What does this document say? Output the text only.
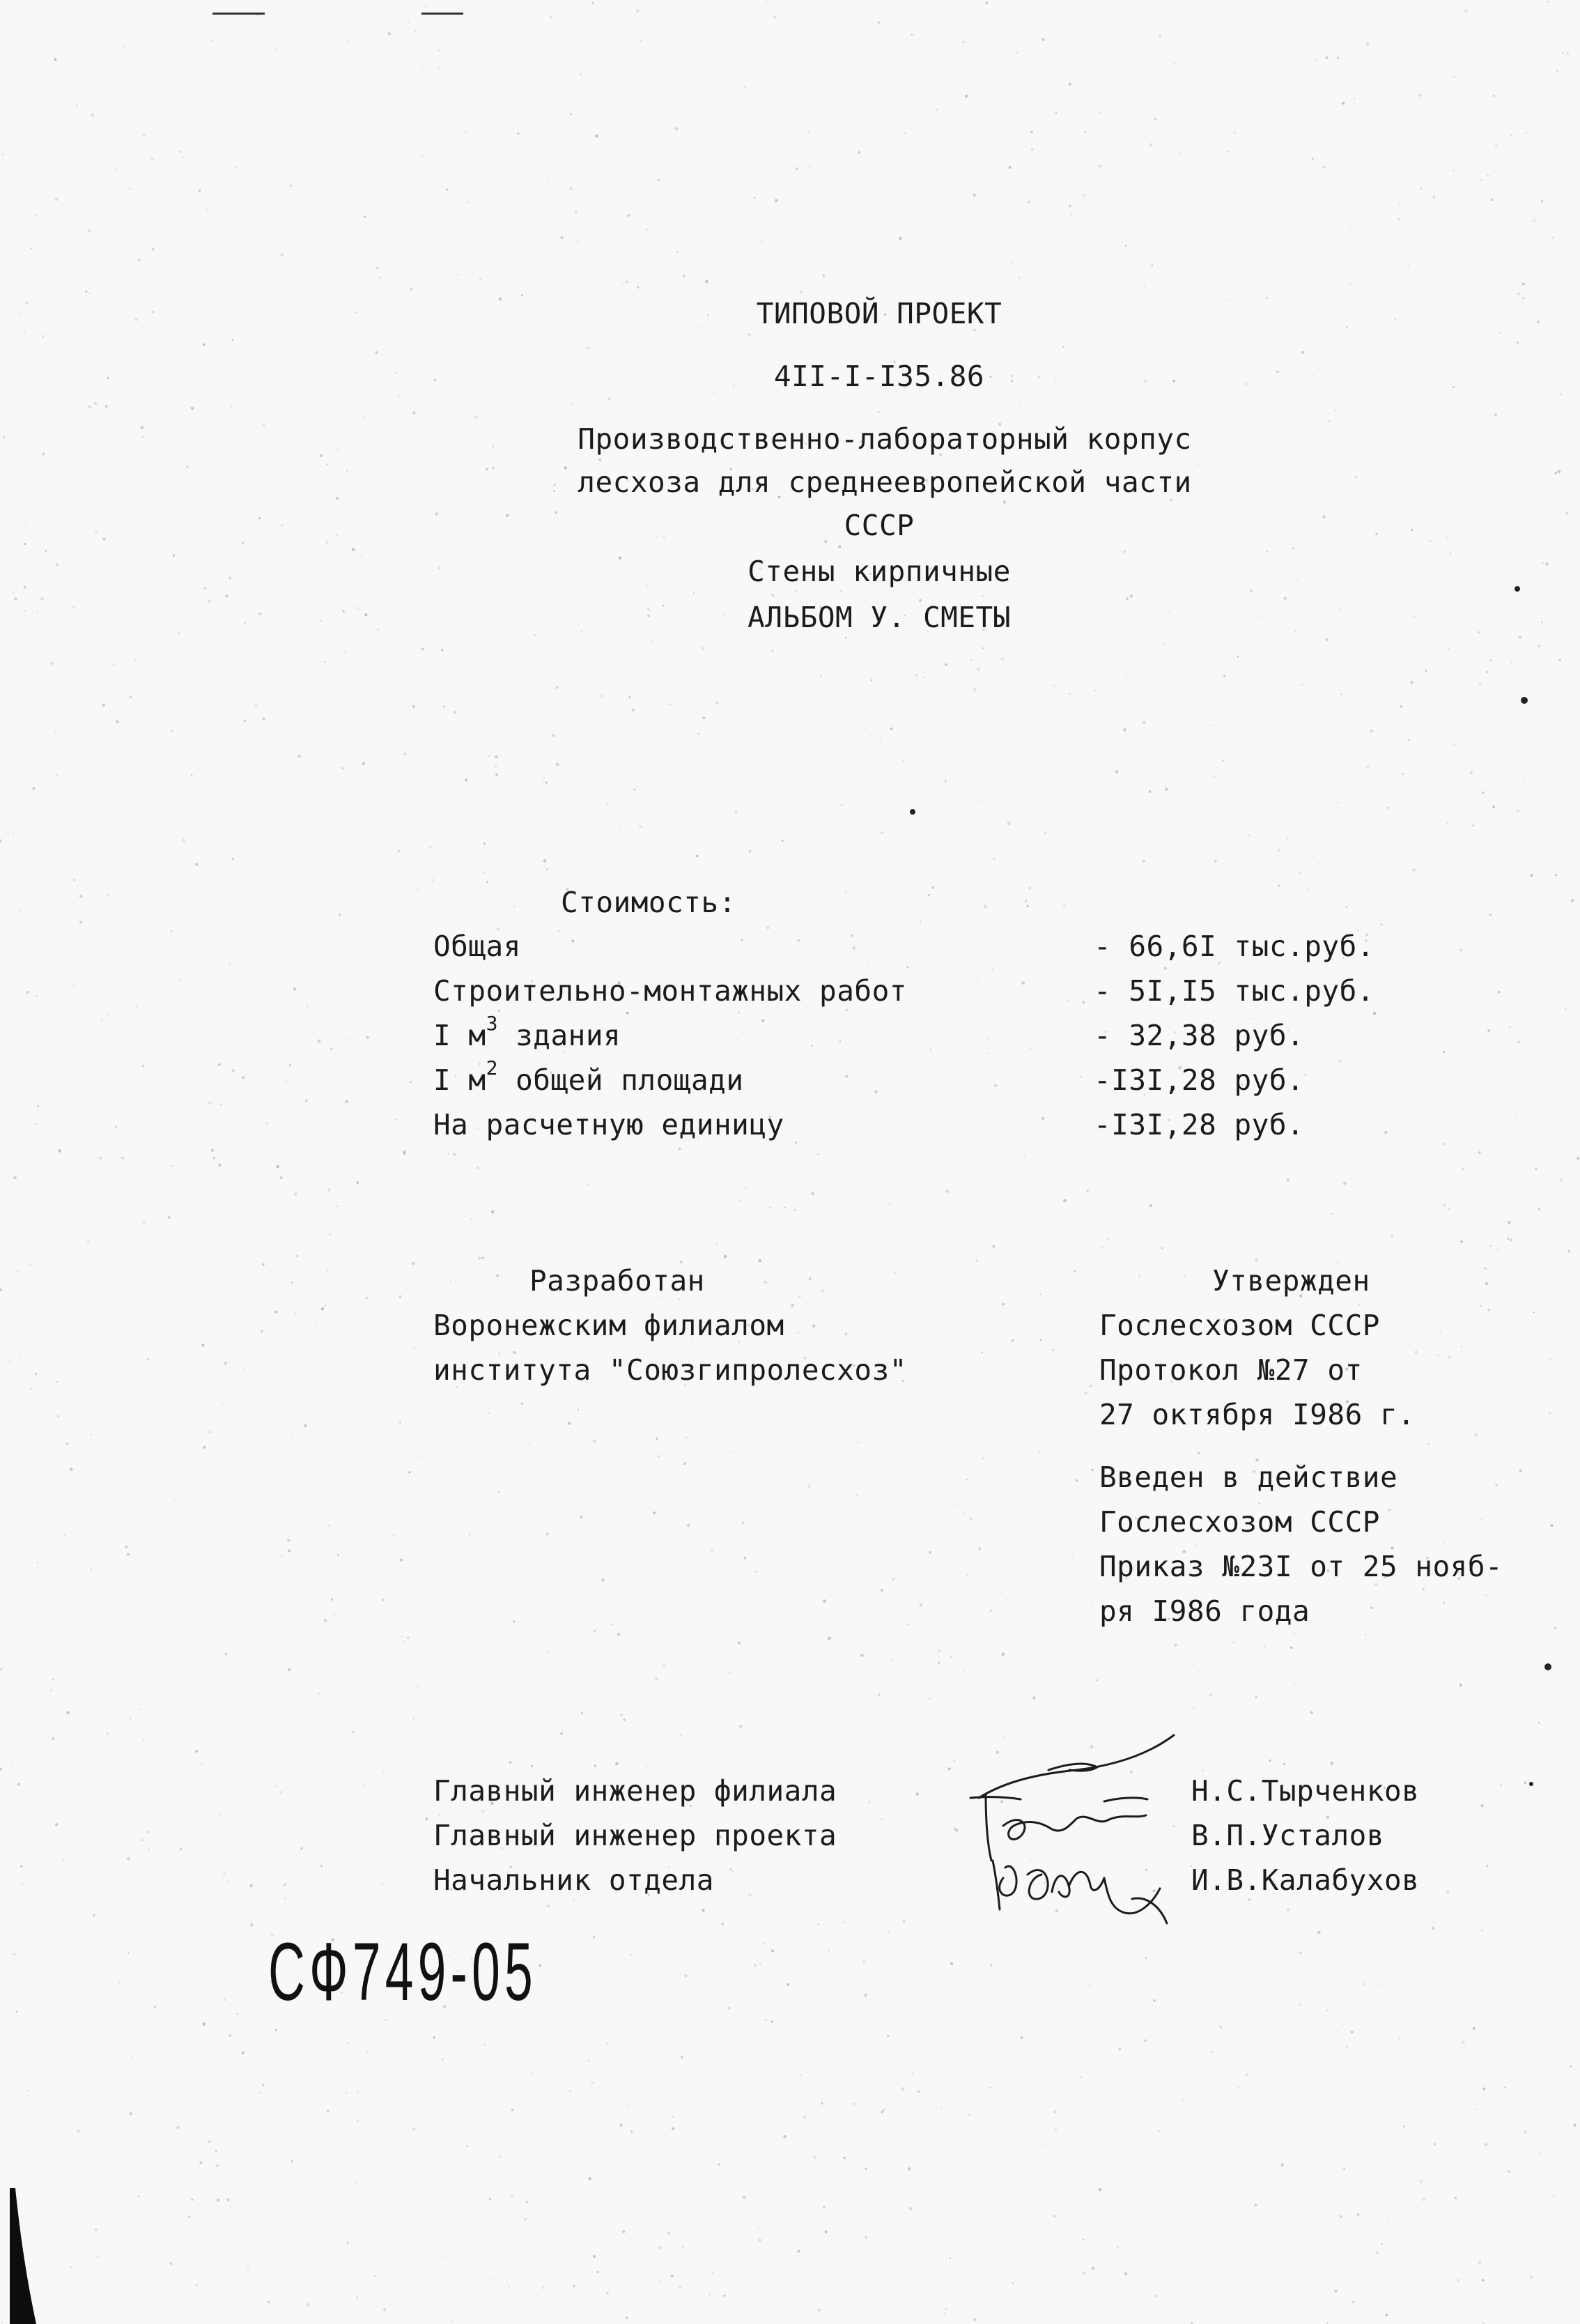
ТИПОВОЙ ПРОЕКТ
4II-I-I35.86
Производственно-лабораторный корпус
лесхоза для среднеевропейской части
СССР
Стены кирпичные
АЛЬБОМ У. СМЕТЫ
Стоимость:
Общая	- 66,6I тыс.руб.
Строительно-монтажных работ	- 5I,I5 тыс.руб.
I $м^3$ здания	- 32,38 руб.
I $м^2$ общей площади	-I3I,28 руб.
На расчетную единицу	-I3I,28 руб.
Разработан
Воронежским филиалом
института "Союзгипролесхоз"
Утвержден
Гослесхозом СССР
Протокол №27 от
27 октября I986 г.
Введен в действие
Гослесхозом СССР
Приказ №23I от 25 нояб-
ря I986 года
Главный инженер филиала	Н.С.Тырченков
Главный инженер проекта	В.П.Усталов
Начальник отдела	И.В.Калабухов
СФ749-05
